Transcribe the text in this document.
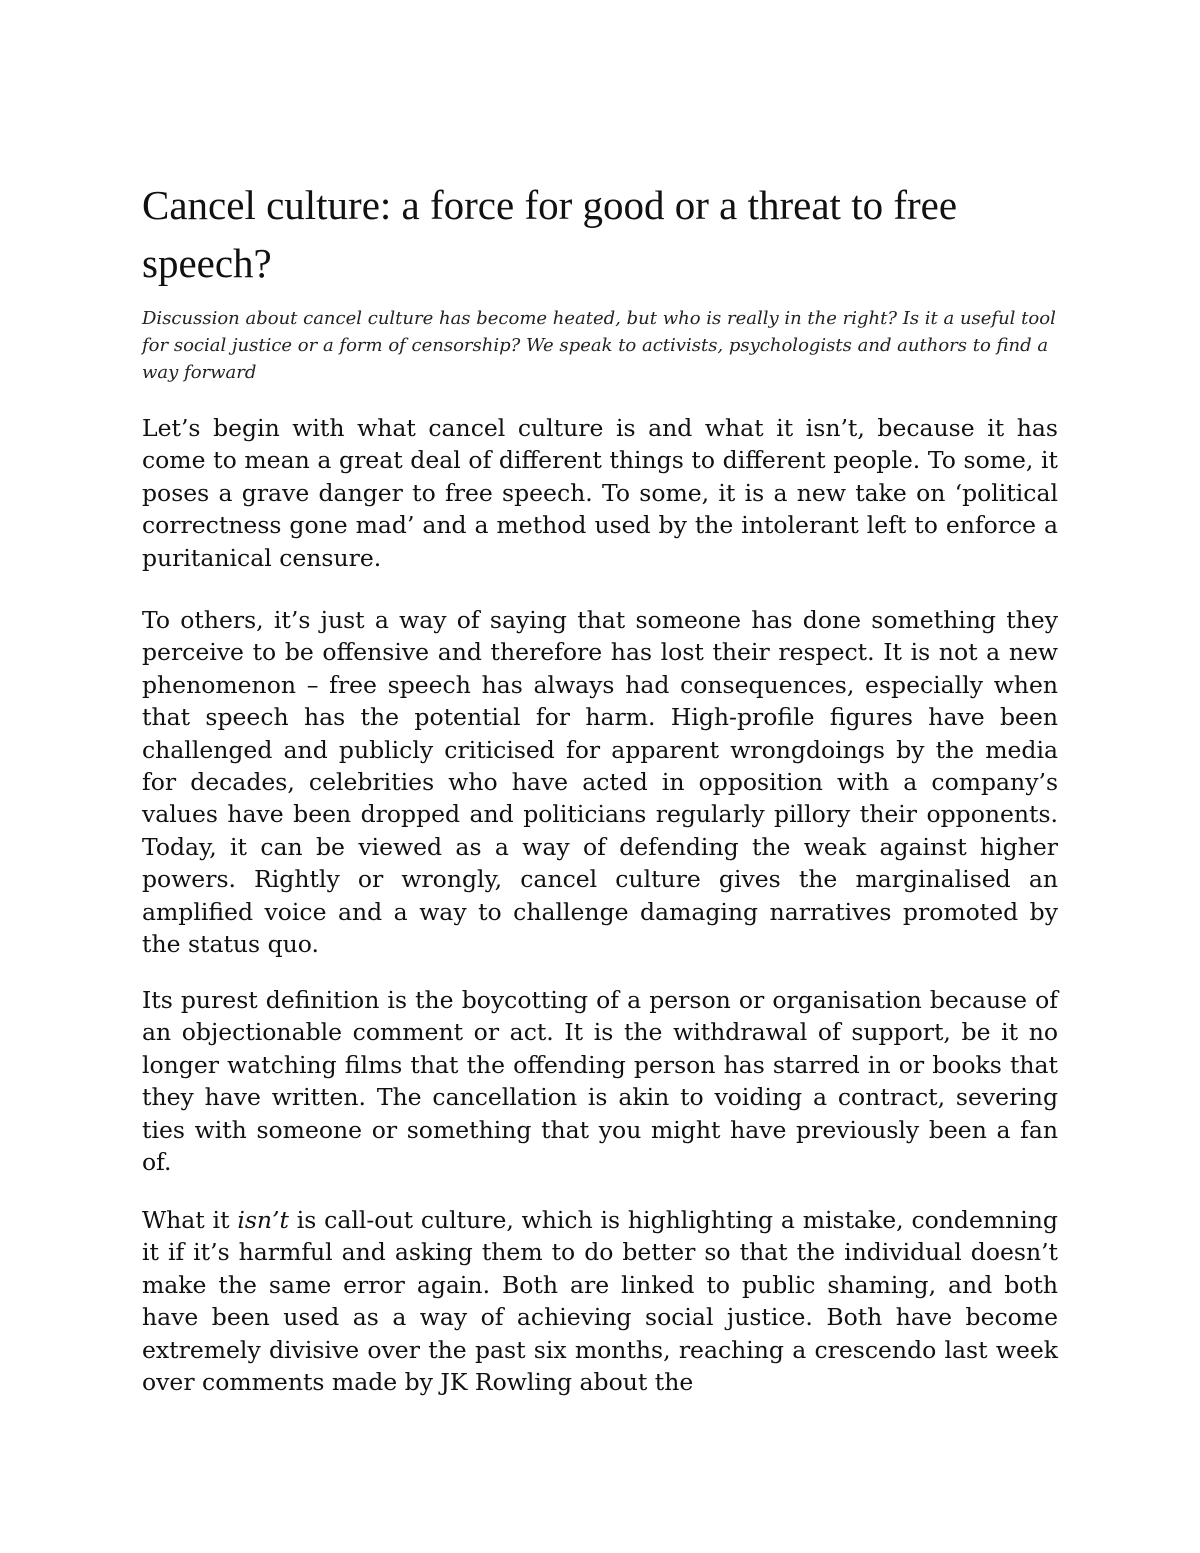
Cancel culture: a force for good or a threat to free speech?

Discussion about cancel culture has become heated, but who is really in the right? Is it a useful tool for social justice or a form of censorship? We speak to activists, psychologists and authors to find a way forward

Let’s begin with what cancel culture is and what it isn’t, because it has come to mean a great deal of different things to different people. To some, it poses a grave danger to free speech. To some, it is a new take on ‘political correctness gone mad’ and a method used by the intolerant left to enforce a puritanical censure.

To others, it’s just a way of saying that someone has done something they perceive to be offensive and therefore has lost their respect. It is not a new phenomenon – free speech has always had consequences, especially when that speech has the potential for harm. High-profile figures have been challenged and publicly criticised for apparent wrongdoings by the media for decades, celebrities who have acted in opposition with a company’s values have been dropped and politicians regularly pillory their opponents. Today, it can be viewed as a way of defending the weak against higher powers. Rightly or wrongly, cancel culture gives the marginalised an amplified voice and a way to challenge damaging narratives promoted by the status quo.

Its purest definition is the boycotting of a person or organisation because of an objectionable comment or act. It is the withdrawal of support, be it no longer watching films that the offending person has starred in or books that they have written. The cancellation is akin to voiding a contract, severing ties with someone or something that you might have previously been a fan of.

What it isn’t is call-out culture, which is highlighting a mistake, condemning it if it’s harmful and asking them to do better so that the individual doesn’t make the same error again. Both are linked to public shaming, and both have been used as a way of achieving social justice. Both have become extremely divisive over the past six months, reaching a crescendo last week over comments made by JK Rowling about the
